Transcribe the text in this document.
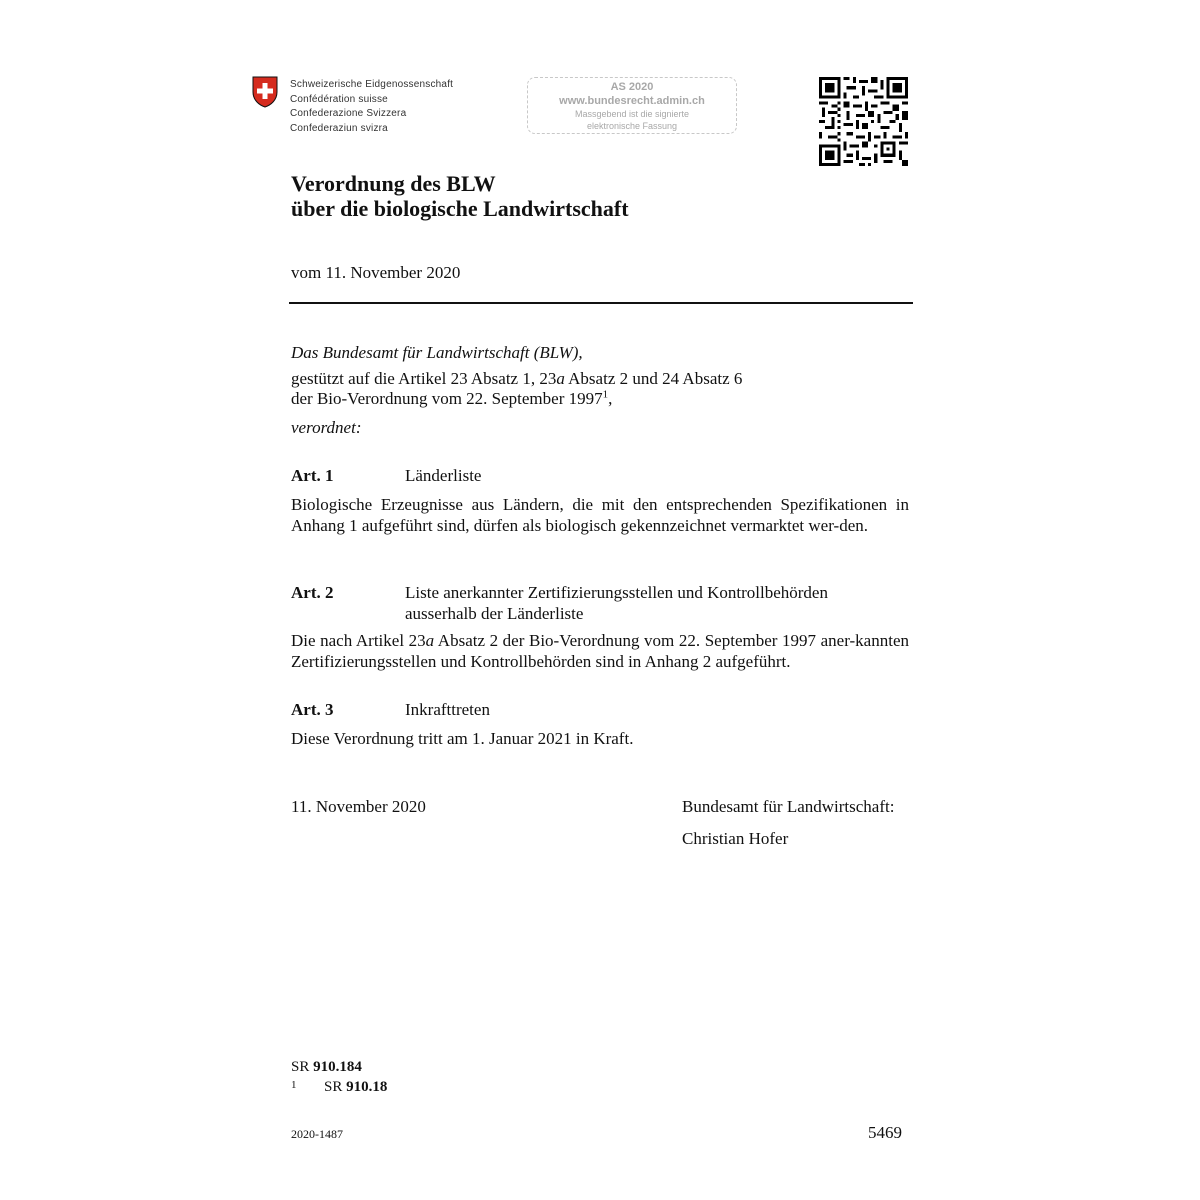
Schweizerische Eidgenossenschaft
Confédération suisse
Confederazione Svizzera
Confederaziun svizra
AS 2020
www.bundesrecht.admin.ch
Massgebend ist die signierte
elektronische Fassung
Verordnung des BLW
über die biologische Landwirtschaft
vom 11. November 2020
Das Bundesamt für Landwirtschaft (BLW),
gestützt auf die Artikel 23 Absatz 1, 23a Absatz 2 und 24 Absatz 6
der Bio-Verordnung vom 22. September 1997$^1$,
verordnet:
Art. 1	Länderliste
Biologische Erzeugnisse aus Ländern, die mit den entsprechenden Spezifikationen in Anhang 1 aufgeführt sind, dürfen als biologisch gekennzeichnet vermarktet wer-den.
Art. 2	Liste anerkannter Zertifizierungsstellen und Kontrollbehörden
ausserhalb der Länderliste
Die nach Artikel 23a Absatz 2 der Bio-Verordnung vom 22. September 1997 aner-kannten Zertifizierungsstellen und Kontrollbehörden sind in Anhang 2 aufgeführt.
Art. 3	Inkrafttreten
Diese Verordnung tritt am 1. Januar 2021 in Kraft.
11. November 2020	Bundesamt für Landwirtschaft:
Christian Hofer
SR 910.184
1 SR 910.18
2020-1487	5469
